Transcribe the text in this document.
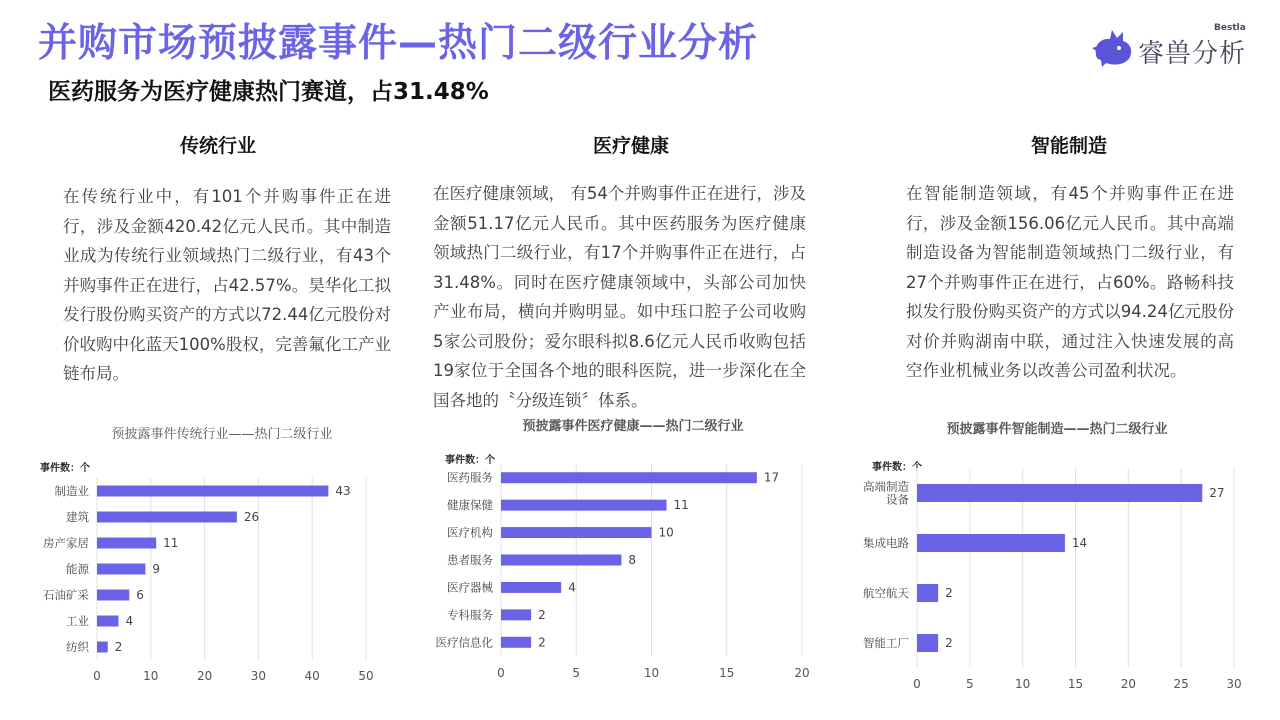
并购市场预披露事件—热门二级行业分析
医药服务为医疗健康热门赛道，占31.48%
Bestla
睿兽分析
传统行业	医疗健康	智能制造

在传统行业中，有101个并购事件正在进行，涉及金额420.42亿元人民币。其中制造业成为传统行业领域热门二级行业，有43个并购事件正在进行，占42.57%。昊华化工拟发行股份购买资产的方式以72.44亿元股份对价收购中化蓝天100%股权，完善氟化工产业链布局。

在医疗健康领域， 有54个并购事件正在进行，涉及金额51.17亿元人民币。其中医药服务为医疗健康领域热门二级行业，有17个并购事件正在进行，占31.48%。同时在医疗健康领域中，头部公司加快产业布局，横向并购明显。如中珏口腔子公司收购5家公司股份；爱尔眼科拟8.6亿元人民币收购包括19家位于全国各个地的眼科医院，进一步深化在全国各地的〝分级连锁〞体系。

在智能制造领域，有45个并购事件正在进行，涉及金额156.06亿元人民币。其中高端制造设备为智能制造领域热门二级行业，有27个并购事件正在进行，占60%。路畅科技拟发行股份购买资产的方式以94.24亿元股份对价并购湖南中联，通过注入快速发展的高空作业机械业务以改善公司盈利状况。

预披露事件传统行业——热门二级行业
事件数：个
0	10	20	30	40	50
43
制造业
26
建筑
11
房产家居
9
能源
6
石油矿采
4
工业
2
纺织
预披露事件医疗健康——热门二级行业
事件数：个
0	5	10	15	20
17
医药服务
11
健康保健
10
医疗机构
8
患者服务
4
医疗器械
2
专科服务
2
医疗信息化
预披露事件智能制造——热门二级行业
事件数：个
0	5	10	15	20	25	30
27
高端制造
设备
14
集成电路
2
航空航天
2
智能工厂
